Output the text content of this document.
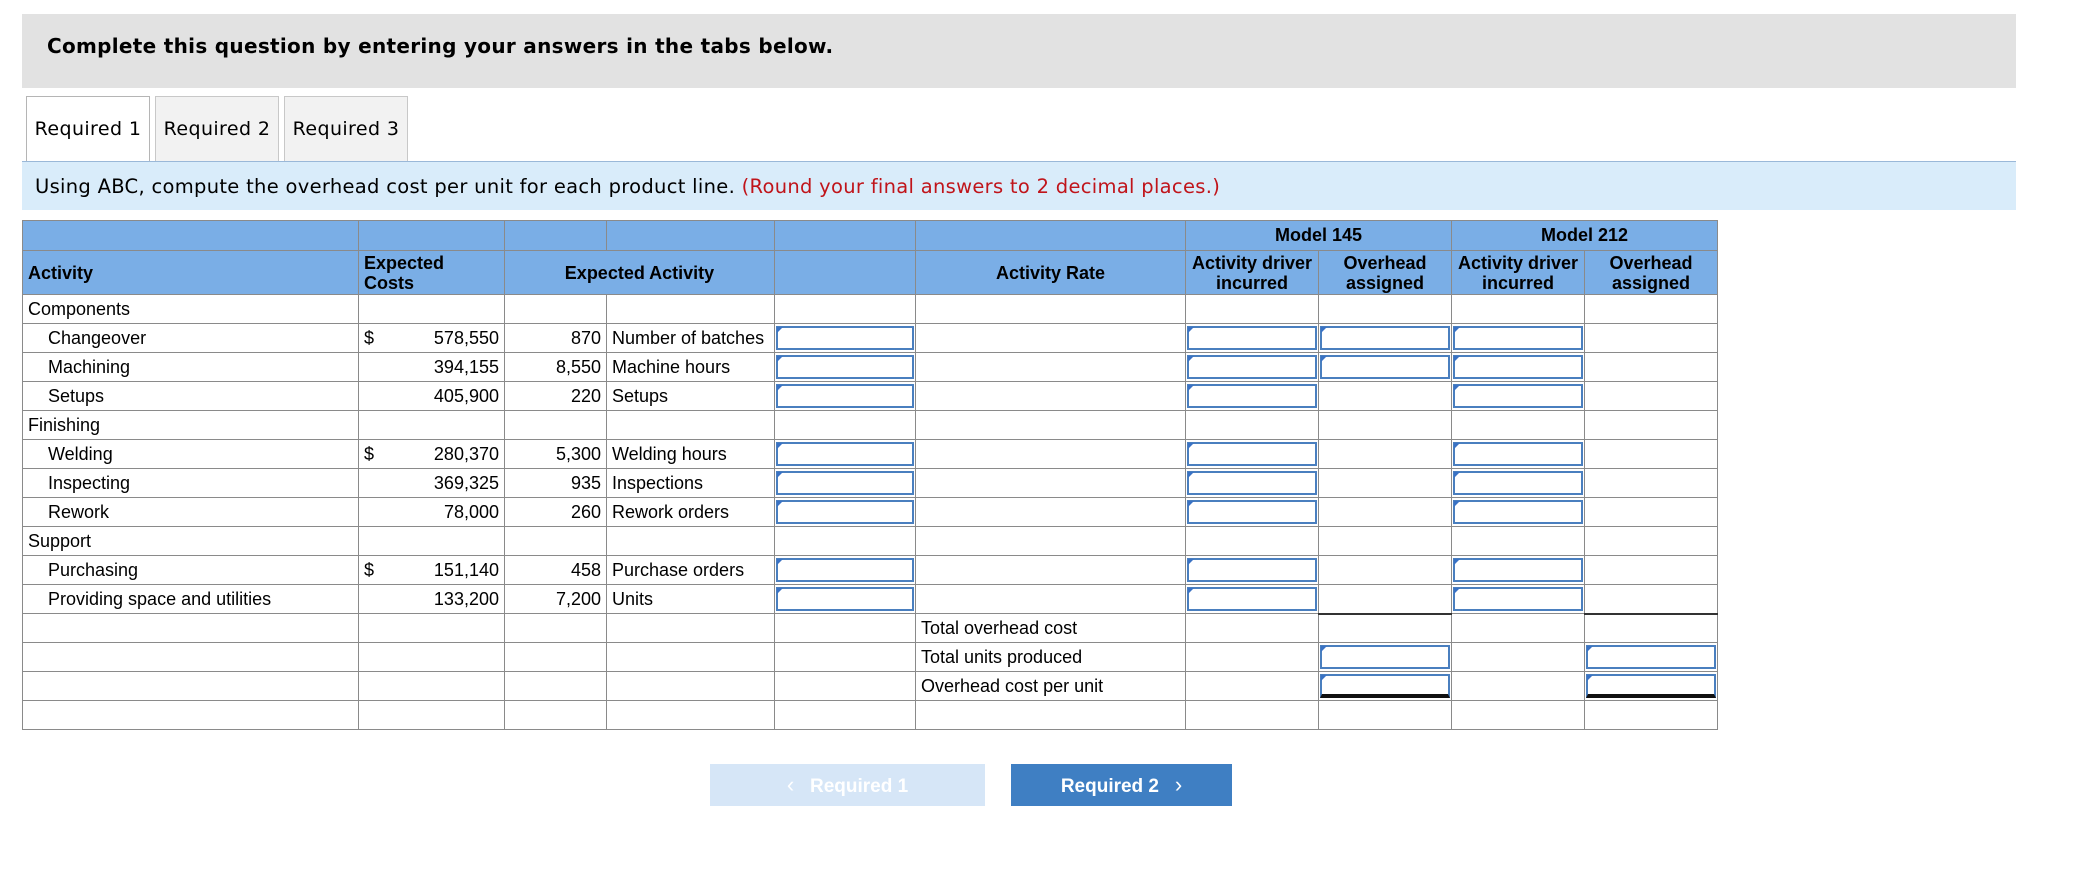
Complete this question by entering your answers in the tabs below.
Required 1	Required 2	Required 3
Using ABC, compute the overhead cost per unit for each product line. (Round your final answers to 2 decimal places.)
						Model 145		Model 212	
Activity	Expected Costs	Expected Activity			Activity Rate	Activity driver incurred	Overhead assigned	Activity driver incurred	Overhead assigned
Components									
Changeover	$ 578,550	870	Number of batches	

Machining	394,155	8,550	Machine hours	

Setups	405,900	220	Setups	

Finishing									
Welding	$ 280,370	5,300	Welding hours	

Inspecting	369,325	935	Inspections	

Rework	78,000	260	Rework orders	

Support									
Purchasing	$ 151,140	458	Purchase orders	

Providing space and utilities	133,200	7,200	Units	

					Total overhead cost				
					Total units produced		

					Overhead cost per unit		

‹ Required 1	Required 2 ›
